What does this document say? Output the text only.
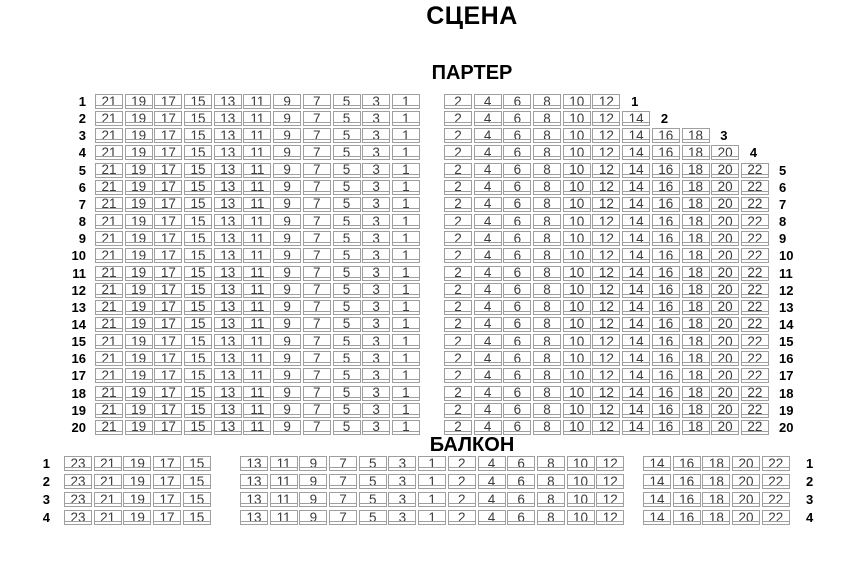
СЦЕНА
ПАРТЕР
1	21	19	17	15	13	11	9	7	5	3	1	2	4	6	8	10	12	1
2	21	19	17	15	13	11	9	7	5	3	1	2	4	6	8	10	12	14	2
3	21	19	17	15	13	11	9	7	5	3	1	2	4	6	8	10	12	14	16	18	3
4	21	19	17	15	13	11	9	7	5	3	1	2	4	6	8	10	12	14	16	18	20	4
5	21	19	17	15	13	11	9	7	5	3	1	2	4	6	8	10	12	14	16	18	20	22	5
6	21	19	17	15	13	11	9	7	5	3	1	2	4	6	8	10	12	14	16	18	20	22	6
7	21	19	17	15	13	11	9	7	5	3	1	2	4	6	8	10	12	14	16	18	20	22	7
8	21	19	17	15	13	11	9	7	5	3	1	2	4	6	8	10	12	14	16	18	20	22	8
9	21	19	17	15	13	11	9	7	5	3	1	2	4	6	8	10	12	14	16	18	20	22	9
10	21	19	17	15	13	11	9	7	5	3	1	2	4	6	8	10	12	14	16	18	20	22	10
11	21	19	17	15	13	11	9	7	5	3	1	2	4	6	8	10	12	14	16	18	20	22	11
12	21	19	17	15	13	11	9	7	5	3	1	2	4	6	8	10	12	14	16	18	20	22	12
13	21	19	17	15	13	11	9	7	5	3	1	2	4	6	8	10	12	14	16	18	20	22	13
14	21	19	17	15	13	11	9	7	5	3	1	2	4	6	8	10	12	14	16	18	20	22	14
15	21	19	17	15	13	11	9	7	5	3	1	2	4	6	8	10	12	14	16	18	20	22	15
16	21	19	17	15	13	11	9	7	5	3	1	2	4	6	8	10	12	14	16	18	20	22	16
17	21	19	17	15	13	11	9	7	5	3	1	2	4	6	8	10	12	14	16	18	20	22	17
18	21	19	17	15	13	11	9	7	5	3	1	2	4	6	8	10	12	14	16	18	20	22	18
19	21	19	17	15	13	11	9	7	5	3	1	2	4	6	8	10	12	14	16	18	20	22	19
20	21	19	17	15	13	11	9	7	5	3	1	2	4	6	8	10	12	14	16	18	20	22	20
БАЛКОН
1	23	21	19	17	15	13	11	9	7	5	3	1	2	4	6	8	10	12	14	16	18	20	22	1
2	23	21	19	17	15	13	11	9	7	5	3	1	2	4	6	8	10	12	14	16	18	20	22	2
3	23	21	19	17	15	13	11	9	7	5	3	1	2	4	6	8	10	12	14	16	18	20	22	3
4	23	21	19	17	15	13	11	9	7	5	3	1	2	4	6	8	10	12	14	16	18	20	22	4
